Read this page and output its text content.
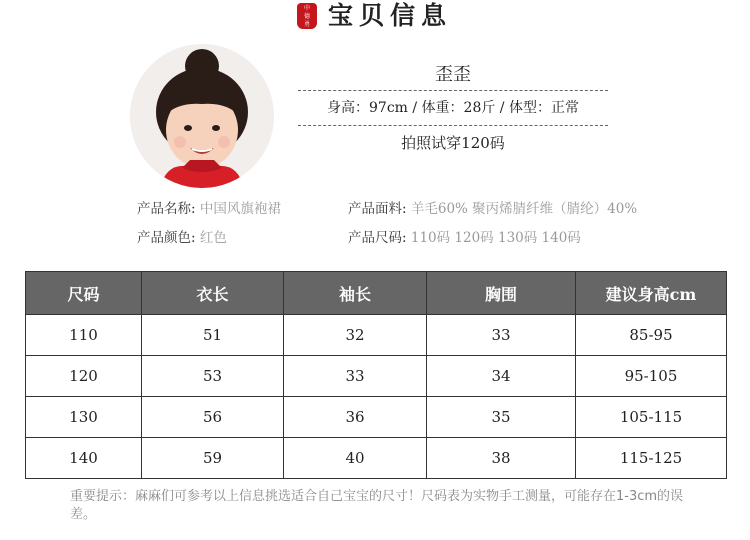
中
德
勇 宝贝信息
歪歪
身高：97cm / 体重：28斤 / 体型：正常
拍照试穿120码
产品名称: 中国风旗袍裙
产品颜色: 红色
产品面料: 羊毛60% 聚丙烯腈纤维（腈纶）40%
产品尺码: 110码 120码 130码 140码
尺码	衣长	袖长	胸围	建议身高cm
110	51	32	33	85-95
120	53	33	34	95-105
130	56	36	35	105-115
140	59	40	38	115-125
重要提示：麻麻们可参考以上信息挑选适合自己宝宝的尺寸！尺码表为实物手工测量，可能存在1-3cm的误差。
